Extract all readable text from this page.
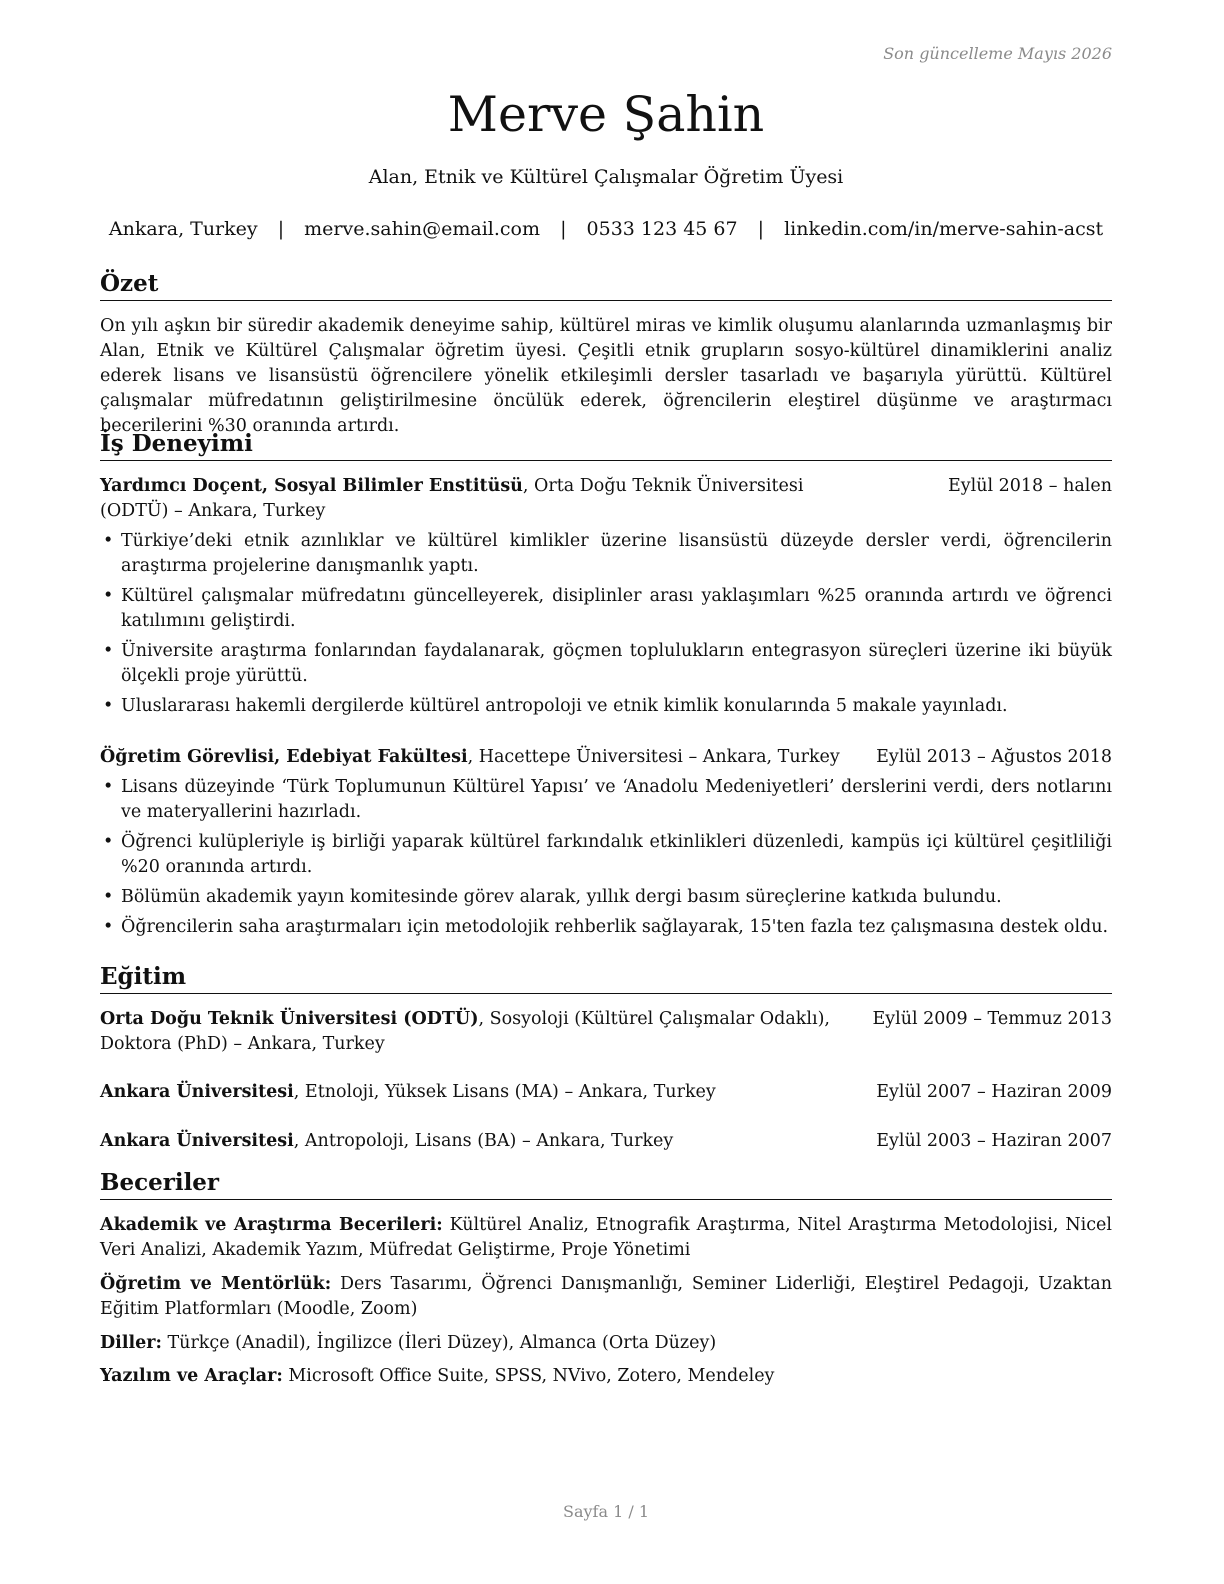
Son güncelleme Mayıs 2026
Merve Şahin
Alan, Etnik ve Kültürel Çalışmalar Öğretim Üyesi
Ankara, Turkey | merve.sahin@email.com | 0533 123 45 67 | linkedin.com/in/merve-sahin-acst
Özet
On yılı aşkın bir süredir akademik deneyime sahip, kültürel miras ve kimlik oluşumu alanlarında uzmanlaşmış bir Alan, Etnik ve Kültürel Çalışmalar öğretim üyesi. Çeşitli etnik grupların sosyo-kültürel dinamiklerini analiz ederek lisans ve lisansüstü öğrencilere yönelik etkileşimli dersler tasarladı ve başarıyla yürüttü. Kültürel çalışmalar müfredatının geliştirilmesine öncülük ederek, öğrencilerin eleştirel düşünme ve araştırmacı becerilerini %30 oranında artırdı.
İş Deneyimi
Yardımcı Doçent, Sosyal Bilimler Enstitüsü, Orta Doğu Teknik Üniversitesi (ODTÜ) – Ankara, Turkey
Eylül 2018 – halen
• Türkiye’deki etnik azınlıklar ve kültürel kimlikler üzerine lisansüstü düzeyde dersler verdi, öğrencilerin araştırma projelerine danışmanlık yaptı.
• Kültürel çalışmalar müfredatını güncelleyerek, disiplinler arası yaklaşımları %25 oranında artırdı ve öğrenci katılımını geliştirdi.
• Üniversite araştırma fonlarından faydalanarak, göçmen toplulukların entegrasyon süreçleri üzerine iki büyük ölçekli proje yürüttü.
• Uluslararası hakemli dergilerde kültürel antropoloji ve etnik kimlik konularında 5 makale yayınladı.
Öğretim Görevlisi, Edebiyat Fakültesi, Hacettepe Üniversitesi – Ankara, Turkey	Eylül 2013 – Ağustos 2018
• Lisans düzeyinde ‘Türk Toplumunun Kültürel Yapısı’ ve ‘Anadolu Medeniyetleri’ derslerini verdi, ders notlarını ve materyallerini hazırladı.
• Öğrenci kulüpleriyle iş birliği yaparak kültürel farkındalık etkinlikleri düzenledi, kampüs içi kültürel çeşitliliği %20 oranında artırdı.
• Bölümün akademik yayın komitesinde görev alarak, yıllık dergi basım süreçlerine katkıda bulundu.
• Öğrencilerin saha araştırmaları için metodolojik rehberlik sağlayarak, 15'ten fazla tez çalışmasına destek oldu.
Eğitim
Orta Doğu Teknik Üniversitesi (ODTÜ), Sosyoloji (Kültürel Çalışmalar Odaklı), Doktora (PhD) – Ankara, Turkey
Eylül 2009 – Temmuz 2013
Ankara Üniversitesi, Etnoloji, Yüksek Lisans (MA) – Ankara, Turkey	Eylül 2007 – Haziran 2009
Ankara Üniversitesi, Antropoloji, Lisans (BA) – Ankara, Turkey	Eylül 2003 – Haziran 2007
Beceriler
Akademik ve Araştırma Becerileri: Kültürel Analiz, Etnografik Araştırma, Nitel Araştırma Metodolojisi, Nicel Veri Analizi, Akademik Yazım, Müfredat Geliştirme, Proje Yönetimi
Öğretim ve Mentörlük: Ders Tasarımı, Öğrenci Danışmanlığı, Seminer Liderliği, Eleştirel Pedagoji, Uzaktan Eğitim Platformları (Moodle, Zoom)
Diller: Türkçe (Anadil), İngilizce (İleri Düzey), Almanca (Orta Düzey)
Yazılım ve Araçlar: Microsoft Office Suite, SPSS, NVivo, Zotero, Mendeley
Sayfa 1 / 1
